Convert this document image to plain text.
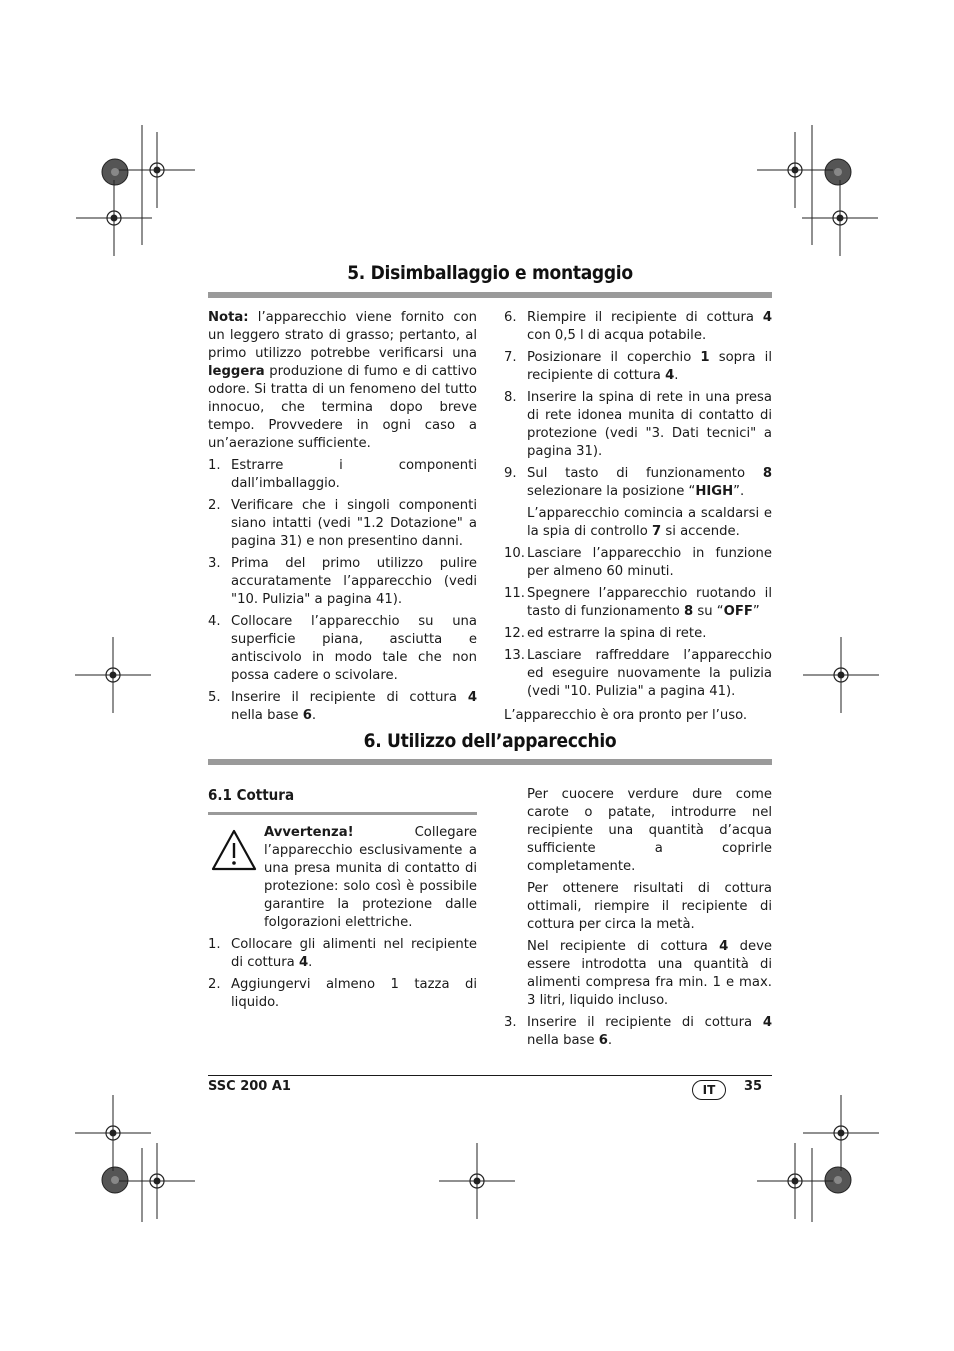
5. Disimballaggio e montaggio

Nota: l’apparecchio viene fornito con un leggero strato di grasso; pertanto, al primo utilizzo potrebbe verificarsi una leggera produzione di fumo e di cattivo odore. Si tratta di un fenomeno del tutto innocuo, che termina dopo breve tempo. Provvedere in ogni caso a un’aerazione sufficiente.

1. Estrarre i componenti dall’imballaggio.
2. Verificare che i singoli componenti siano intatti (vedi "1.2 Dotazione" a pagina 31) e non presentino danni.
3. Prima del primo utilizzo pulire accuratamente l’apparecchio (vedi "10. Pulizia" a pagina 41).
4. Collocare l’apparecchio su una superficie piana, asciutta e antiscivolo in modo tale che non possa cadere o scivolare.
5. Inserire il recipiente di cottura 4 nella base 6.
6. Riempire il recipiente di cottura 4 con 0,5 l di acqua potabile.
7. Posizionare il coperchio 1 sopra il recipiente di cottura 4.
8. Inserire la spina di rete in una presa di rete idonea munita di contatto di protezione (vedi "3. Dati tecnici" a pagina 31).
9. Sul tasto di funzionamento 8 selezionare la posizione “HIGH”.

L’apparecchio comincia a scaldarsi e la spia di controllo 7 si accende.

10. Lasciare l’apparecchio in funzione per almeno 60 minuti.
11. Spegnere l’apparecchio ruotando il tasto di funzionamento 8 su “OFF”
12. ed estrarre la spina di rete.
13. Lasciare raffreddare l’apparecchio ed eseguire nuovamente la pulizia (vedi "10. Pulizia" a pagina 41).

L’apparecchio è ora pronto per l’uso.

6. Utilizzo dell’apparecchio
6.1 Cottura
Avvertenza! Collegare l’apparecchio esclusivamente a una presa munita di contatto di protezione: solo così è possibile garantire la protezione dalle folgorazioni elettriche.
1. Collocare gli alimenti nel recipiente di cottura 4.
2. Aggiungervi almeno 1 tazza di liquido.

Per cuocere verdure dure come carote o patate, introdurre nel recipiente una quantità d’acqua sufficiente a coprirle completamente.

Per ottenere risultati di cottura ottimali, riempire il recipiente di cottura per circa la metà.

Nel recipiente di cottura 4 deve essere introdotta una quantità di alimenti compresa fra min. 1 e max. 3 litri, liquido incluso.

3. Inserire il recipiente di cottura 4 nella base 6.
SSC 200 A1	IT	35
